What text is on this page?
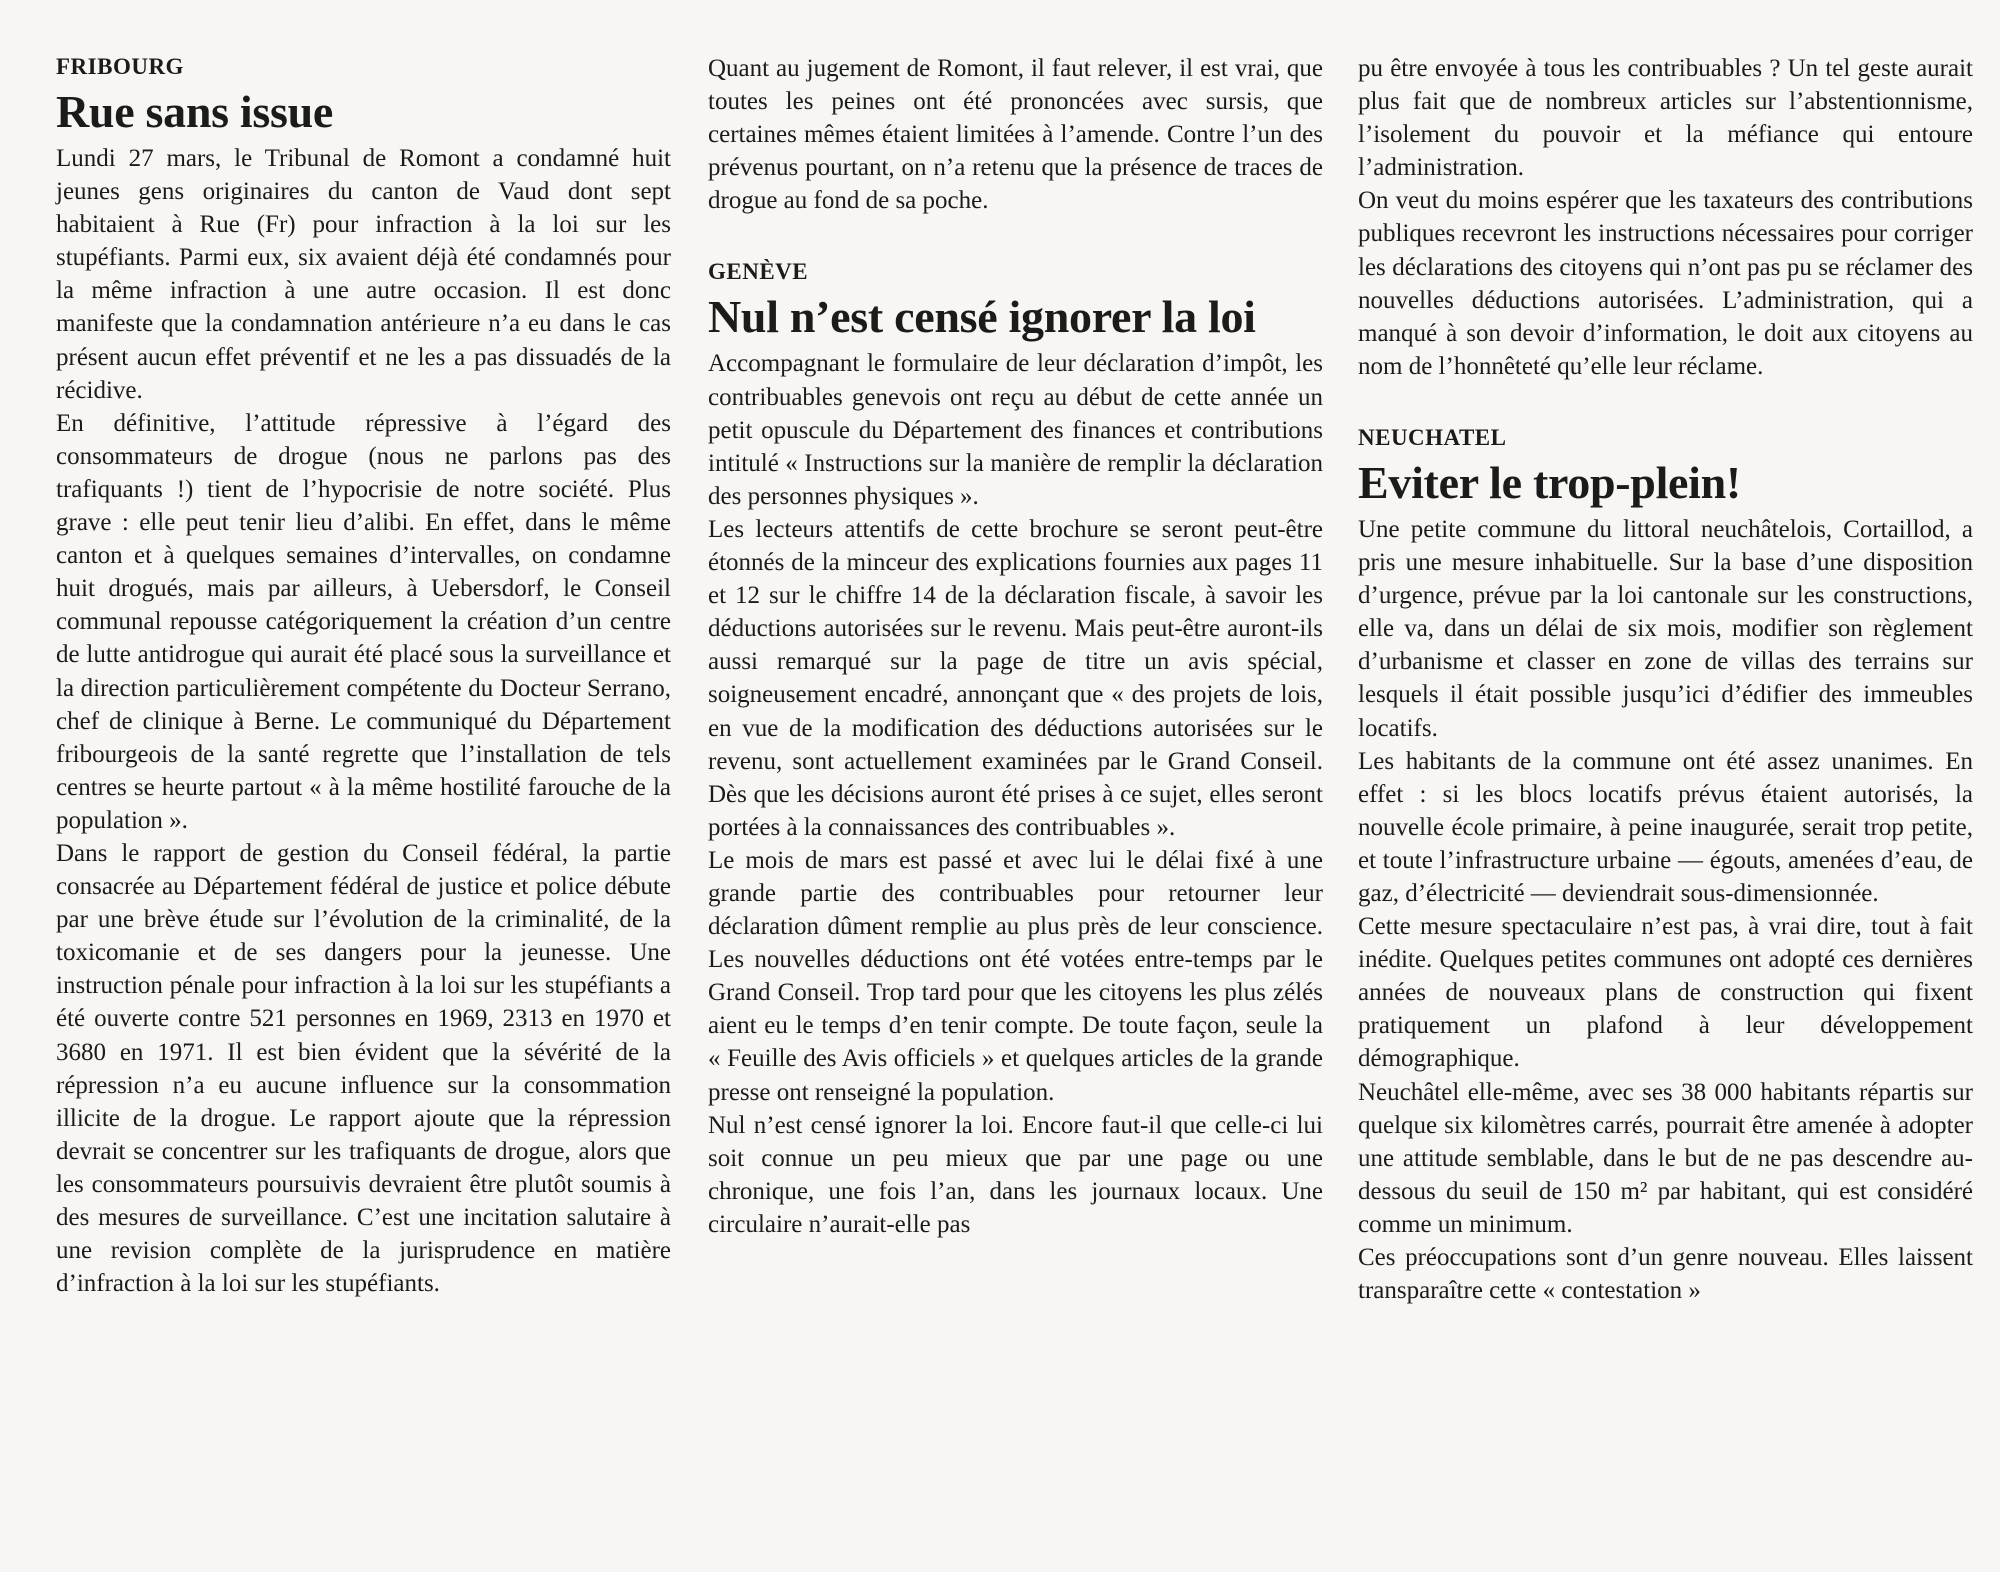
FRIBOURG
Rue sans issue

Lundi 27 mars, le Tribunal de Romont a condamné huit jeunes gens originaires du canton de Vaud dont sept habitaient à Rue (Fr) pour infraction à la loi sur les stupéfiants. Parmi eux, six avaient déjà été condamnés pour la même infraction à une autre occasion. Il est donc manifeste que la condamnation antérieure n’a eu dans le cas présent aucun effet préventif et ne les a pas dissuadés de la récidive.

En définitive, l’attitude répressive à l’égard des consommateurs de drogue (nous ne parlons pas des trafiquants !) tient de l’hypocrisie de notre société. Plus grave : elle peut tenir lieu d’alibi. En effet, dans le même canton et à quelques semaines d’intervalles, on condamne huit drogués, mais par ailleurs, à Uebersdorf, le Conseil communal repousse catégoriquement la création d’un centre de lutte antidrogue qui aurait été placé sous la surveillance et la direction particulièrement compétente du Docteur Serrano, chef de clinique à Berne. Le communiqué du Département fribourgeois de la santé regrette que l’installation de tels centres se heurte partout « à la même hostilité farouche de la population ».

Dans le rapport de gestion du Conseil fédéral, la partie consacrée au Département fédéral de justice et police débute par une brève étude sur l’évolution de la criminalité, de la toxicomanie et de ses dangers pour la jeunesse. Une instruction pénale pour infraction à la loi sur les stupéfiants a été ouverte contre 521 personnes en 1969, 2313 en 1970 et 3680 en 1971. Il est bien évident que la sévérité de la répression n’a eu aucune influence sur la consommation illicite de la drogue. Le rapport ajoute que la répression devrait se concentrer sur les trafiquants de drogue, alors que les consommateurs poursuivis devraient être plutôt soumis à des mesures de surveillance. C’est une incitation salutaire à une revision complète de la jurisprudence en matière d’infraction à la loi sur les stupéfiants.

Quant au jugement de Romont, il faut relever, il est vrai, que toutes les peines ont été prononcées avec sursis, que certaines mêmes étaient limitées à l’amende. Contre l’un des prévenus pourtant, on n’a retenu que la présence de traces de drogue au fond de sa poche.

GENÈVE
Nul n’est censé ignorer la loi

Accompagnant le formulaire de leur déclaration d’impôt, les contribuables genevois ont reçu au début de cette année un petit opuscule du Département des finances et contributions intitulé « Instructions sur la manière de remplir la déclaration des personnes physiques ».

Les lecteurs attentifs de cette brochure se seront peut-être étonnés de la minceur des explications fournies aux pages 11 et 12 sur le chiffre 14 de la déclaration fiscale, à savoir les déductions autorisées sur le revenu. Mais peut-être auront-ils aussi remarqué sur la page de titre un avis spécial, soigneusement encadré, annonçant que « des projets de lois, en vue de la modification des déductions autorisées sur le revenu, sont actuellement examinées par le Grand Conseil. Dès que les décisions auront été prises à ce sujet, elles seront portées à la connaissances des contribuables ».

Le mois de mars est passé et avec lui le délai fixé à une grande partie des contribuables pour retourner leur déclaration dûment remplie au plus près de leur conscience. Les nouvelles déductions ont été votées entre-temps par le Grand Conseil. Trop tard pour que les citoyens les plus zélés aient eu le temps d’en tenir compte. De toute façon, seule la « Feuille des Avis officiels » et quelques articles de la grande presse ont renseigné la population.

Nul n’est censé ignorer la loi. Encore faut-il que celle-ci lui soit connue un peu mieux que par une page ou une chronique, une fois l’an, dans les journaux locaux. Une circulaire n’aurait-elle pas

pu être envoyée à tous les contribuables ? Un tel geste aurait plus fait que de nombreux articles sur l’abstentionnisme, l’isolement du pouvoir et la méfiance qui entoure l’administration.

On veut du moins espérer que les taxateurs des contributions publiques recevront les instructions nécessaires pour corriger les déclarations des citoyens qui n’ont pas pu se réclamer des nouvelles déductions autorisées. L’administration, qui a manqué à son devoir d’information, le doit aux citoyens au nom de l’honnêteté qu’elle leur réclame.

NEUCHATEL
Eviter le trop-plein!

Une petite commune du littoral neuchâtelois, Cortaillod, a pris une mesure inhabituelle. Sur la base d’une disposition d’urgence, prévue par la loi cantonale sur les constructions, elle va, dans un délai de six mois, modifier son règlement d’urbanisme et classer en zone de villas des terrains sur lesquels il était possible jusqu’ici d’édifier des immeubles locatifs.

Les habitants de la commune ont été assez unanimes. En effet : si les blocs locatifs prévus étaient autorisés, la nouvelle école primaire, à peine inaugurée, serait trop petite, et toute l’infrastructure urbaine — égouts, amenées d’eau, de gaz, d’électricité — deviendrait sous-dimensionnée.

Cette mesure spectaculaire n’est pas, à vrai dire, tout à fait inédite. Quelques petites communes ont adopté ces dernières années de nouveaux plans de construction qui fixent pratiquement un plafond à leur développement démographique.

Neuchâtel elle-même, avec ses 38 000 habitants répartis sur quelque six kilomètres carrés, pourrait être amenée à adopter une attitude semblable, dans le but de ne pas descendre au-dessous du seuil de 150 m² par habitant, qui est considéré comme un minimum.

Ces préoccupations sont d’un genre nouveau. Elles laissent transparaître cette « contestation »
